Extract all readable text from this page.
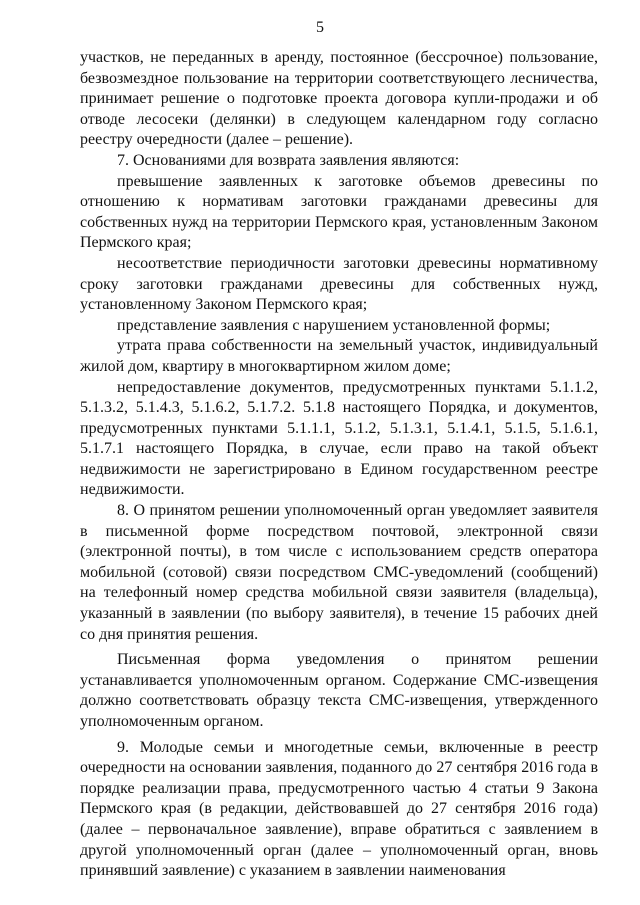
5

участков, не переданных в аренду, постоянное (бессрочное) пользование, безвозмездное пользование на территории соответствующего лесничества, принимает решение о подготовке проекта договора купли-продажи и об отводе лесосеки (делянки) в следующем календарном году согласно реестру очередности (далее – решение).

7. Основаниями для возврата заявления являются:

превышение заявленных к заготовке объемов древесины по отношению к нормативам заготовки гражданами древесины для собственных нужд на территории Пермского края, установленным Законом Пермского края;

несоответствие периодичности заготовки древесины нормативному сроку заготовки гражданами древесины для собственных нужд, установленному Законом Пермского края;

представление заявления с нарушением установленной формы;

утрата права собственности на земельный участок, индивидуальный жилой дом, квартиру в многоквартирном жилом доме;

непредоставление документов, предусмотренных пунктами 5.1.1.2, 5.1.3.2, 5.1.4.3, 5.1.6.2, 5.1.7.2. 5.1.8 настоящего Порядка, и документов, предусмотренных пунктами 5.1.1.1, 5.1.2, 5.1.3.1, 5.1.4.1, 5.1.5, 5.1.6.1, 5.1.7.1 настоящего Порядка, в случае, если право на такой объект недвижимости не зарегистрировано в Едином государственном реестре недвижимости.

8. О принятом решении уполномоченный орган уведомляет заявителя в письменной форме посредством почтовой, электронной связи (электронной почты), в том числе с использованием средств оператора мобильной (сотовой) связи посредством СМС-уведомлений (сообщений) на телефонный номер средства мобильной связи заявителя (владельца), указанный в заявлении (по выбору заявителя), в течение 15 рабочих дней со дня принятия решения.

Письменная форма уведомления о принятом решении устанавливается уполномоченным органом. Содержание СМС-извещения должно соответствовать образцу текста СМС-извещения, утвержденного уполномоченным органом.

9. Молодые семьи и многодетные семьи, включенные в реестр очередности на основании заявления, поданного до 27 сентября 2016 года в порядке реализации права, предусмотренного частью 4 статьи 9 Закона Пермского края (в редакции, действовавшей до 27 сентября 2016 года) (далее – первоначальное заявление), вправе обратиться с заявлением в другой уполномоченный орган (далее – уполномоченный орган, вновь принявший заявление) с указанием в заявлении наименования
